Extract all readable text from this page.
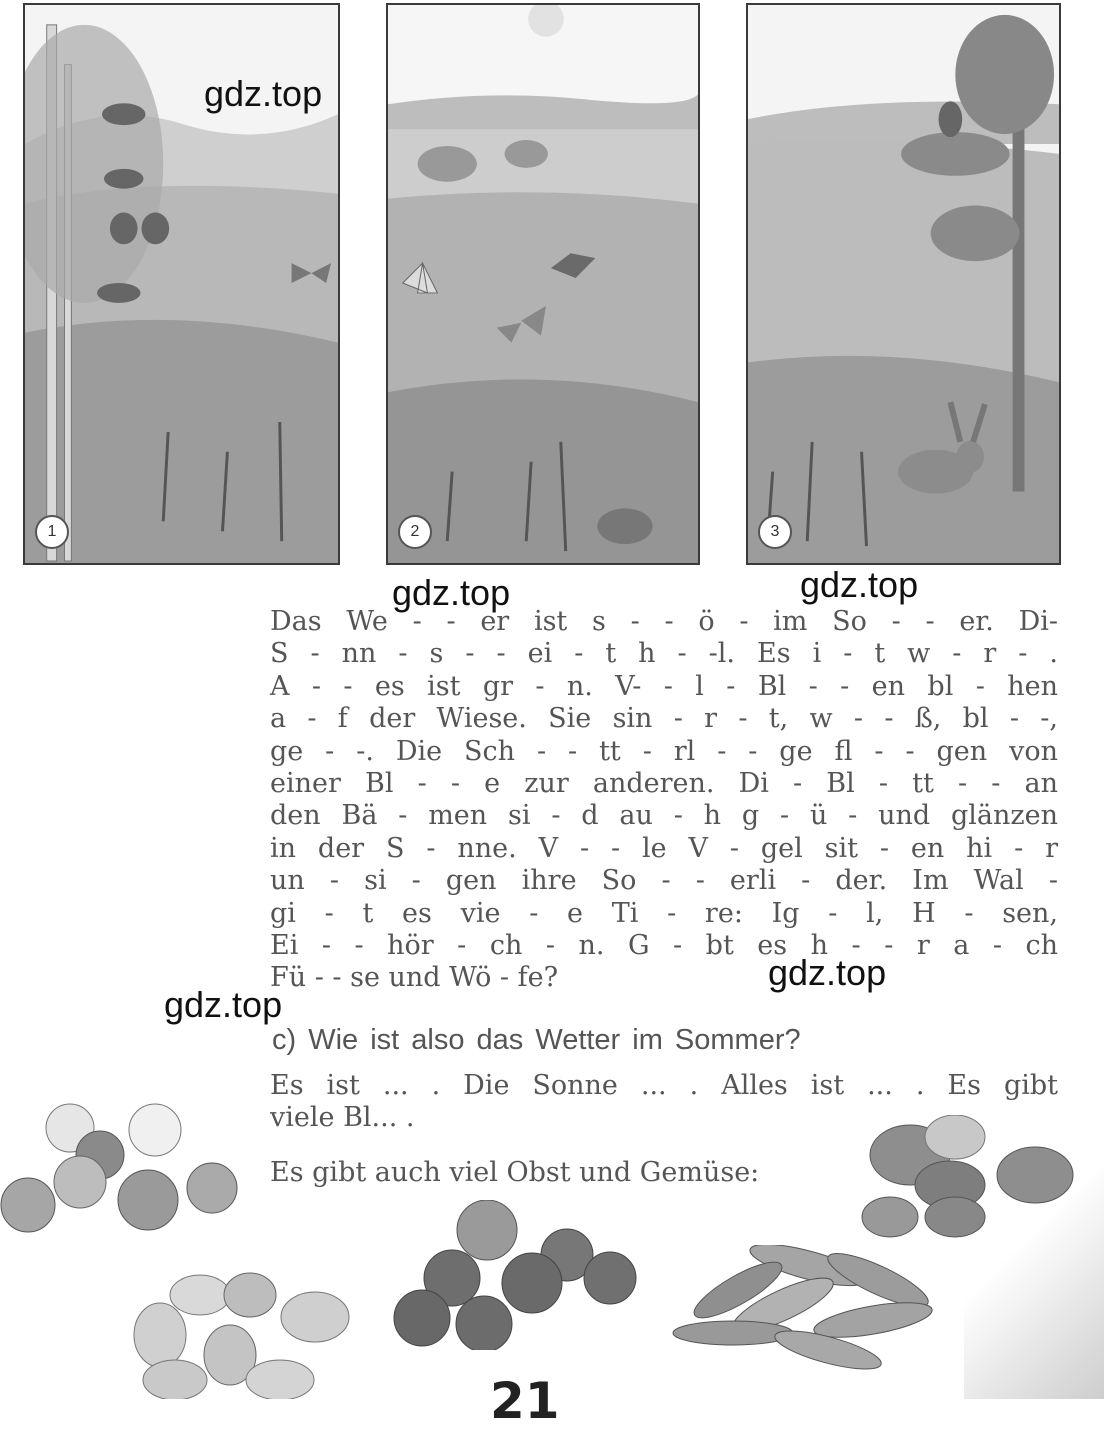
1	2	3
gdz.top
gdz.top	gdz.top
gdz.top
gdz.top
Das We - - er ist s - - ö - im So - - er. Di-
S - nn - s - - ei - t h - -l. Es i - t w - r - .
A - - es ist gr - n. V- - l - Bl - - en bl - hen
a - f der Wiese. Sie sin - r - t, w - - ß, bl - -,
ge - -. Die Sch - - tt - rl - - ge fl - - gen von
einer Bl - - e zur anderen. Di - Bl - tt - - an
den Bä - men si - d au - h g - ü - und glänzen
in der S - nne. V - - le V - gel sit - en hi - r
un - si - gen ihre So - - erli - der. Im Wal -
gi - t es vie - e Ti - re: Ig - l, H - sen,
Ei - - hör - ch - n. G - bt es h - - r a - ch
Fü - - se und Wö - fe?
c) Wie ist also das Wetter im Sommer?
Es ist ... . Die Sonne ... . Alles ist ... . Es gibt
viele Bl... .
Es gibt auch viel Obst und Gemüse:
21
